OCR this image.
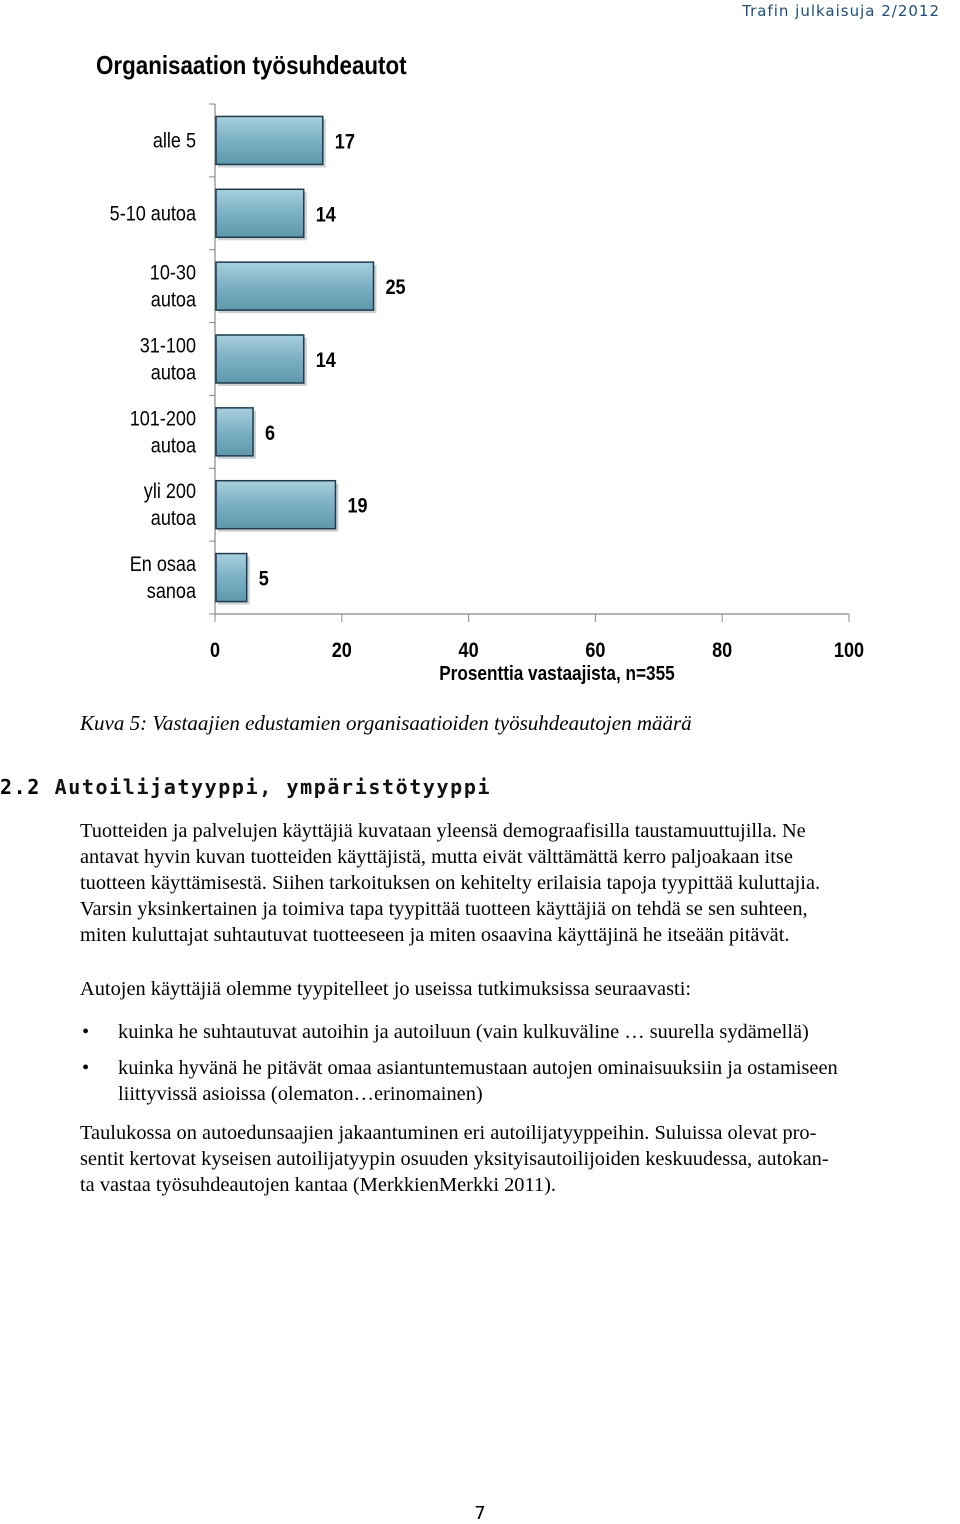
Trafin julkaisuja 2/2012
Organisaation työsuhdeautot
17
alle 5
14
5-10 autoa
25
10-30
autoa
14
31-100
autoa
6
101-200
autoa
19
yli 200
autoa
5
En osaa
sanoa
0	20	40	60	80	100
Prosenttia vastaajista, n=355
Kuva 5: Vastaajien edustamien organisaatioiden työsuhdeautojen määrä
2.2 Autoilijatyyppi, ympäristötyyppi
Tuotteiden ja palvelujen käyttäjiä kuvataan yleensä demograafisilla taustamuuttujilla. Ne
antavat hyvin kuvan tuotteiden käyttäjistä, mutta eivät välttämättä kerro paljoakaan itse
tuotteen käyttämisestä. Siihen tarkoituksen on kehitelty erilaisia tapoja tyypittää kuluttajia.
Varsin yksinkertainen ja toimiva tapa tyypittää tuotteen käyttäjiä on tehdä se sen suhteen,
miten kuluttajat suhtautuvat tuotteeseen ja miten osaavina käyttäjinä he itseään pitävät.
Autojen käyttäjiä olemme tyypitelleet jo useissa tutkimuksissa seuraavasti:
• kuinka he suhtautuvat autoihin ja autoiluun (vain kulkuväline … suurella sydämellä)
• kuinka hyvänä he pitävät omaa asiantuntemustaan autojen ominaisuuksiin ja ostamiseen
liittyvissä asioissa (olematon…erinomainen)
Taulukossa on autoedunsaajien jakaantuminen eri autoilijatyyppeihin. Suluissa olevat pro-
sentit kertovat kyseisen autoilijatyypin osuuden yksityisautoilijoiden keskuudessa, autokan-
ta vastaa työsuhdeautojen kantaa (MerkkienMerkki 2011).
7
